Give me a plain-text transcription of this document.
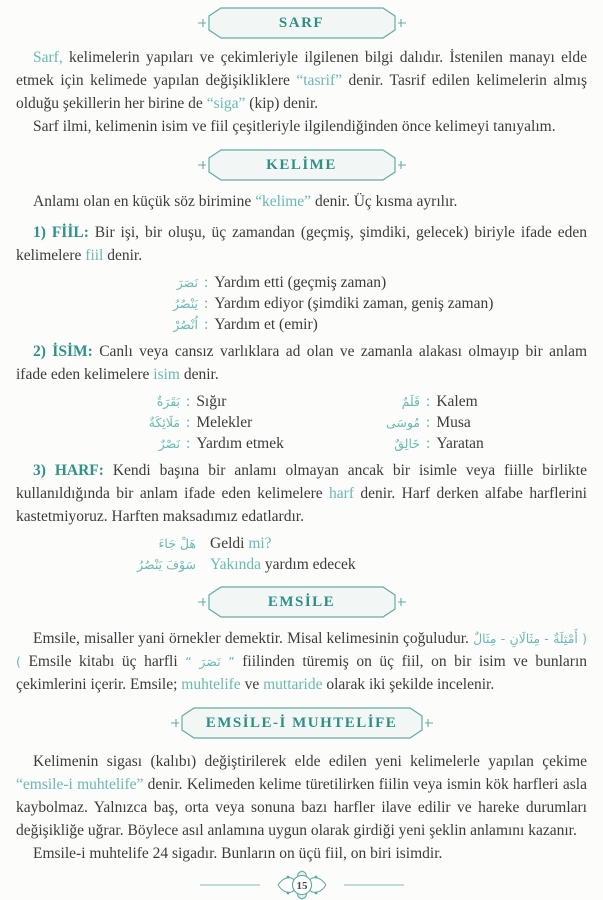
SARF

Sarf, kelimelerin yapıları ve çekimleriyle ilgilenen bilgi dalıdır. İstenilen manayı elde etmek için kelimede yapılan değişikliklere “tasrif” denir. Tasrif edilen kelimelerin almış olduğu şekillerin her birine de “siga” (kip) denir.

Sarf ilmi, kelimenin isim ve fiil çeşitleriyle ilgilendiğinden önce kelimeyi tanıyalım.

KELİME

Anlamı olan en küçük söz birimine “kelime” denir. Üç kısma ayrılır.

1) FİİL: Bir işi, bir oluşu, üç zamandan (geçmiş, şimdiki, gelecek) biriyle ifade eden kelimelere fiil denir.

نَصَرَ : Yardım etti (geçmiş zaman)
يَنْصُرُ : Yardım ediyor (şimdiki zaman, geniş zaman)
اُنْصُرْ : Yardım et (emir)

2) İSİM: Canlı veya cansız varlıklara ad olan ve zamanla alakası olmayıp bir anlam ifade eden kelimelere isim denir.

بَقَرَةٌ : Sığır
مَلَائِكَةٌ : Melekler
نَصْرٌ : Yardım etmek
قَلَمٌ : Kalem
مُوسَى : Musa
خَالِقٌ : Yaratan

3) HARF: Kendi başına bir anlamı olmayan ancak bir isimle veya fiille birlikte kullanıldığında bir anlam ifade eden kelimelere harf denir. Harf derken alfabe harflerini kastetmiyoruz. Harften maksadımız edatlardır.

هَلْ جَاءَ Geldi mi?
سَوْفَ يَنْصُرُ Yakında yardım edecek
EMSİLE

Emsile, misaller yani örnekler demektir. Misal kelimesinin çoğuludur. ( أَمْثِلَةٌ - مِثَالَانِ - مِثَالٌ ) Emsile kitabı üç harfli “ نَصَرَ ” fiilinden türemiş on üç fiil, on bir isim ve bunların çekimlerini içerir. Emsile; muhtelife ve muttaride olarak iki şekilde incelenir.

EMSİLE-İ MUHTELİFE

Kelimenin sigası (kalıbı) değiştirilerek elde edilen yeni kelimelerle yapılan çekime “emsile-i muhtelife” denir. Kelimeden kelime türetilirken fiilin veya ismin kök harfleri asla kaybolmaz. Yalnızca baş, orta veya sonuna bazı harfler ilave edilir ve hareke durumları değişikliğe uğrar. Böylece asıl anlamına uygun olarak girdiği yeni şeklin anlamını kazanır.

Emsile-i muhtelife 24 sigadır. Bunların on üçü fiil, on biri isimdir.

15
